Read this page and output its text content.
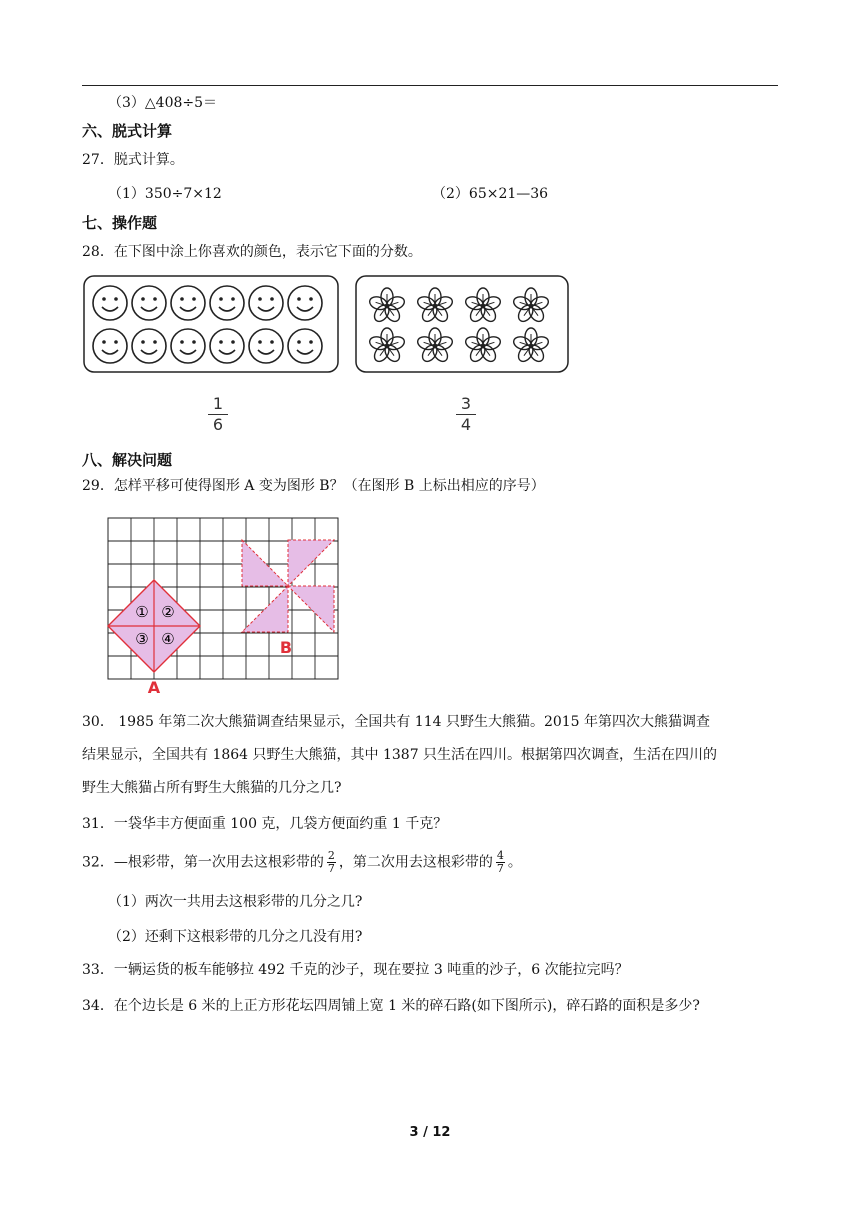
（3）△408÷5＝
六、脱式计算
27．脱式计算。
（1）350÷7×12	（2）65×21—36
七、操作题
28．在下图中涂上你喜欢的颜色，表示它下面的分数。
$\frac{1}{6}$	$\frac{3}{4}$
八、解决问题
29．怎样平移可使得图形 A 变为图形 B？（在图形 B 上标出相应的序号）
① ②
③ ④
A
B
30． 1985 年第二次大熊猫调查结果显示，全国共有 114 只野生大熊猫。2015 年第四次大熊猫调查
结果显示，全国共有 1864 只野生大熊猫，其中 1387 只生活在四川。根据第四次调查，生活在四川的
野生大熊猫占所有野生大熊猫的几分之几?
31．一袋华丰方便面重 100 克，几袋方便面约重 1 千克？
32．—根彩带，第一次用去这根彩带的 $\frac{2}{7}$ ，第二次用去这根彩带的 $\frac{4}{7}$ 。
（1）两次一共用去这根彩带的几分之几?
（2）还剩下这根彩带的几分之几没有用?
33．一辆运货的板车能够拉 492 千克的沙子，现在要拉 3 吨重的沙子，6 次能拉完吗？
34．在个边长是 6 米的上正方形花坛四周铺上宽 1 米的碎石路(如下图所示)，碎石路的面积是多少?
3 / 12
